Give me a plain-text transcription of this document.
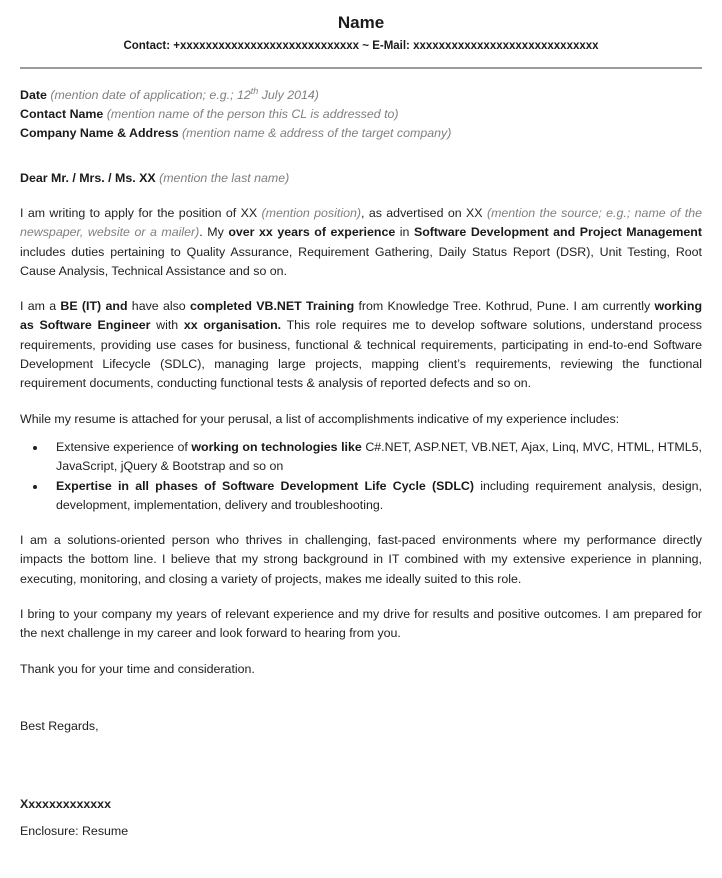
Name
Contact: +xxxxxxxxxxxxxxxxxxxxxxxxxxxx ~ E-Mail: xxxxxxxxxxxxxxxxxxxxxxxxxxxxx
Date (mention date of application; e.g.; 12th July 2014)
Contact Name (mention name of the person this CL is addressed to)
Company Name & Address (mention name & address of the target company)
Dear Mr. / Mrs. / Ms. XX (mention the last name)

I am writing to apply for the position of XX (mention position), as advertised on XX (mention the source; e.g.; name of the newspaper, website or a mailer). My over xx years of experience in Software Development and Project Management includes duties pertaining to Quality Assurance, Requirement Gathering, Daily Status Report (DSR), Unit Testing, Root Cause Analysis, Technical Assistance and so on.

I am a BE (IT) and have also completed VB.NET Training from Knowledge Tree. Kothrud, Pune. I am currently working as Software Engineer with xx organisation. This role requires me to develop software solutions, understand process requirements, providing use cases for business, functional & technical requirements, participating in end-to-end Software Development Lifecycle (SDLC), managing large projects, mapping client’s requirements, reviewing the functional requirement documents, conducting functional tests & analysis of reported defects and so on.

While my resume is attached for your perusal, a list of accomplishments indicative of my experience includes:

• Extensive experience of working on technologies like C#.NET, ASP.NET, VB.NET, Ajax, Linq, MVC, HTML, HTML5, JavaScript, jQuery & Bootstrap and so on
• Expertise in all phases of Software Development Life Cycle (SDLC) including requirement analysis, design, development, implementation, delivery and troubleshooting.

I am a solutions-oriented person who thrives in challenging, fast-paced environments where my performance directly impacts the bottom line. I believe that my strong background in IT combined with my extensive experience in planning, executing, monitoring, and closing a variety of projects, makes me ideally suited to this role.

I bring to your company my years of relevant experience and my drive for results and positive outcomes. I am prepared for the next challenge in my career and look forward to hearing from you.

Thank you for your time and consideration.

Best Regards,

Xxxxxxxxxxxxx

Enclosure: Resume
